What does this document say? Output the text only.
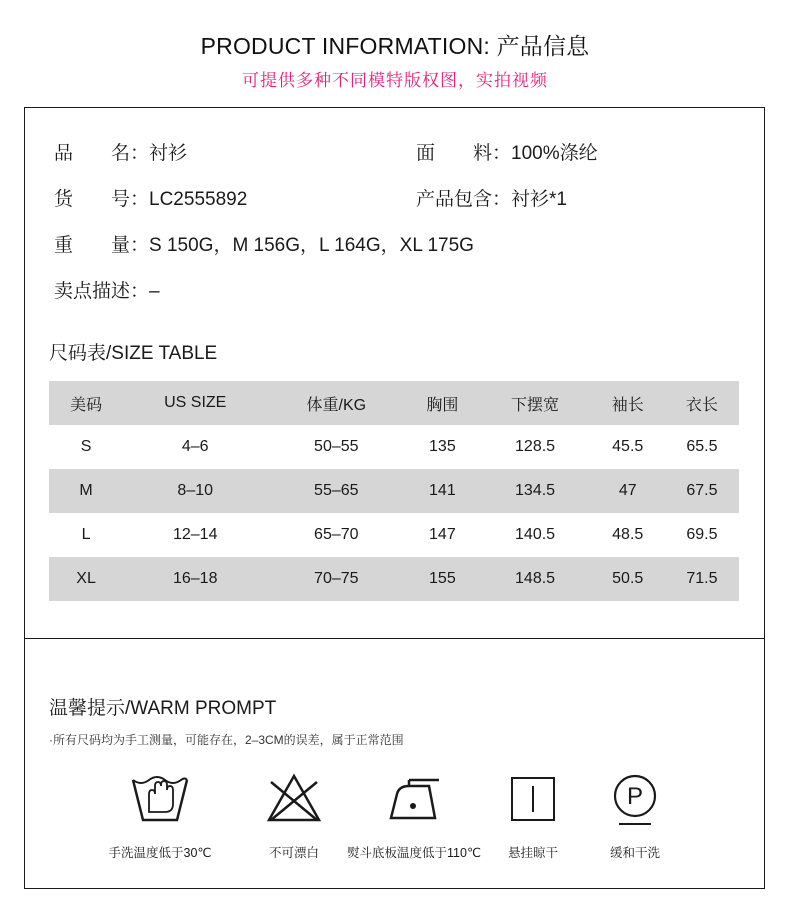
PRODUCT INFORMATION: 产品信息
可提供多种不同模特版权图，实拍视频
品　　名：衬衫	面　　料：100%涤纶
货　　号：LC2555892	产品包含：衬衫*1
重　　量：S 150G，M 156G，L 164G，XL 175G
卖点描述：–
尺码表/SIZE TABLE
美码	US SIZE	体重/KG	胸围	下摆宽	袖长	衣长
S	4–6	50–55	135	128.5	45.5	65.5
M	8–10	55–65	141	134.5	47	67.5
L	12–14	65–70	147	140.5	48.5	69.5
XL	16–18	70–75	155	148.5	50.5	71.5
温馨提示/WARM PROMPT
·所有尺码均为手工测量，可能存在，2–3CM的误差，属于正常范围
手洗温度低于30℃	不可漂白	熨斗底板温度低于110℃	悬挂晾干
P
缓和干洗
